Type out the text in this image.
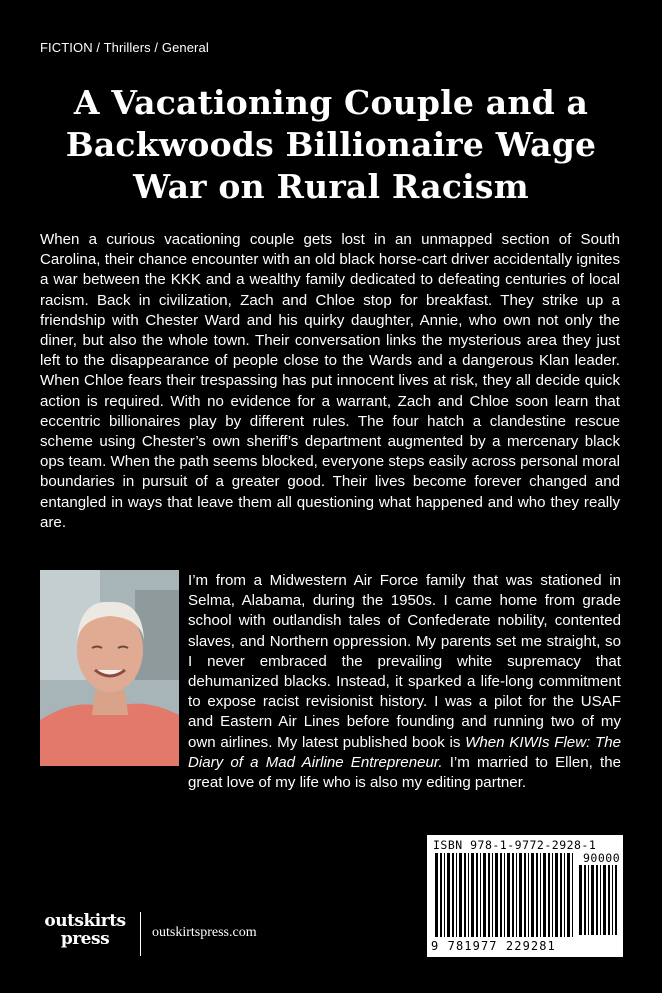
FICTION / Thrillers / General
A Vacationing Couple and a
Backwoods Billionaire Wage
War on Rural Racism

When a curious vacationing couple gets lost in an unmapped section of South Carolina, their chance encounter with an old black horse-cart driver accidentally ignites a war between the KKK and a wealthy family dedicated to defeating centuries of local racism. Back in civilization, Zach and Chloe stop for breakfast. They strike up a friendship with Chester Ward and his quirky daughter, Annie, who own not only the diner, but also the whole town. Their conversation links the mysterious area they just left to the disappearance of people close to the Wards and a dangerous Klan leader. When Chloe fears their trespassing has put innocent lives at risk, they all decide quick action is required. With no evidence for a warrant, Zach and Chloe soon learn that eccentric billionaires play by different rules. The four hatch a clandestine rescue scheme using Chester’s own sheriff’s department augmented by a mercenary black ops team. When the path seems blocked, everyone steps easily across personal moral boundaries in pursuit of a greater good. Their lives become forever changed and entangled in ways that leave them all questioning what happened and who they really are.

I’m from a Midwestern Air Force family that was stationed in Selma, Alabama, during the 1950s. I came home from grade school with outlandish tales of Confederate nobility, contented slaves, and Northern oppression. My parents set me straight, so I never embraced the prevailing white supremacy that dehumanized blacks. Instead, it sparked a life-long commitment to expose racist revisionist history. I was a pilot for the USAF and Eastern Air Lines before founding and running two of my own airlines. My latest published book is When KIWIs Flew: The Diary of a Mad Airline Entrepreneur. I’m married to Ellen, the great love of my life who is also my editing partner.

ISBN 978-1-9772-2928-1
90000
9 781977 229281
outskirts
press	outskirtspress.com
